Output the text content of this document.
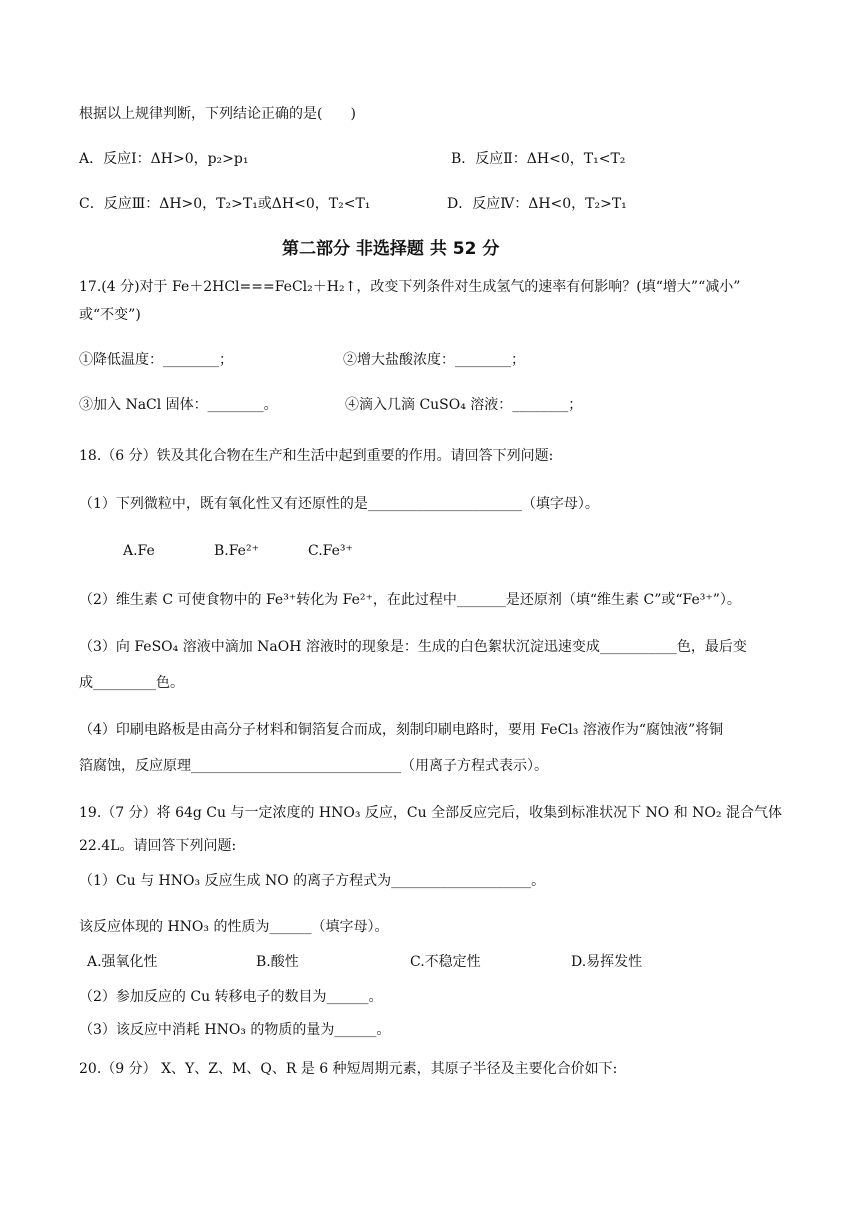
根据以上规律判断，下列结论正确的是(　　)
A．反应Ⅰ：ΔH>0，p₂>p₁	B．反应Ⅱ：ΔH<0，T₁<T₂
C．反应Ⅲ：ΔH>0，T₂>T₁或ΔH<0，T₂<T₁	D．反应Ⅳ：ΔH<0，T₂>T₁
第二部分 非选择题 共 52 分
17.(4 分)对于 Fe＋2HCl===FeCl₂＋H₂↑，改变下列条件对生成氢气的速率有何影响？(填“增大”“减小”
或“不变”)
①降低温度：________；	②增大盐酸浓度：________；
③加入 NaCl 固体：________。	④滴入几滴 CuSO₄ 溶液：________；
18.（6 分）铁及其化合物在生产和生活中起到重要的作用。请回答下列问题:
（1）下列微粒中，既有氧化性又有还原性的是______________________（填字母）。
A.Fe	B.Fe²⁺	C.Fe³⁺
（2）维生素 C 可使食物中的 Fe³⁺转化为 Fe²⁺，在此过程中_______是还原剂（填“维生素 C”或“Fe³⁺”）。
（3）向 FeSO₄ 溶液中滴加 NaOH 溶液时的现象是：生成的白色絮状沉淀迅速变成___________色，最后变
成_________色。
（4）印刷电路板是由高分子材料和铜箔复合而成，刻制印刷电路时，要用 FeCl₃ 溶液作为“腐蚀液”将铜
箔腐蚀，反应原理______________________________（用离子方程式表示）。
19.（7 分）将 64g Cu 与一定浓度的 HNO₃ 反应，Cu 全部反应完后，收集到标准状况下 NO 和 NO₂ 混合气体
22.4L。请回答下列问题:
（1）Cu 与 HNO₃ 反应生成 NO 的离子方程式为____________________。
该反应体现的 HNO₃ 的性质为______（填字母）。
A.强氧化性	B.酸性	C.不稳定性	D.易挥发性
（2）参加反应的 Cu 转移电子的数目为______。
（3）该反应中消耗 HNO₃ 的物质的量为______。
20.（9 分） X、Y、Z、M、Q、R 是 6 种短周期元素，其原子半径及主要化合价如下:
